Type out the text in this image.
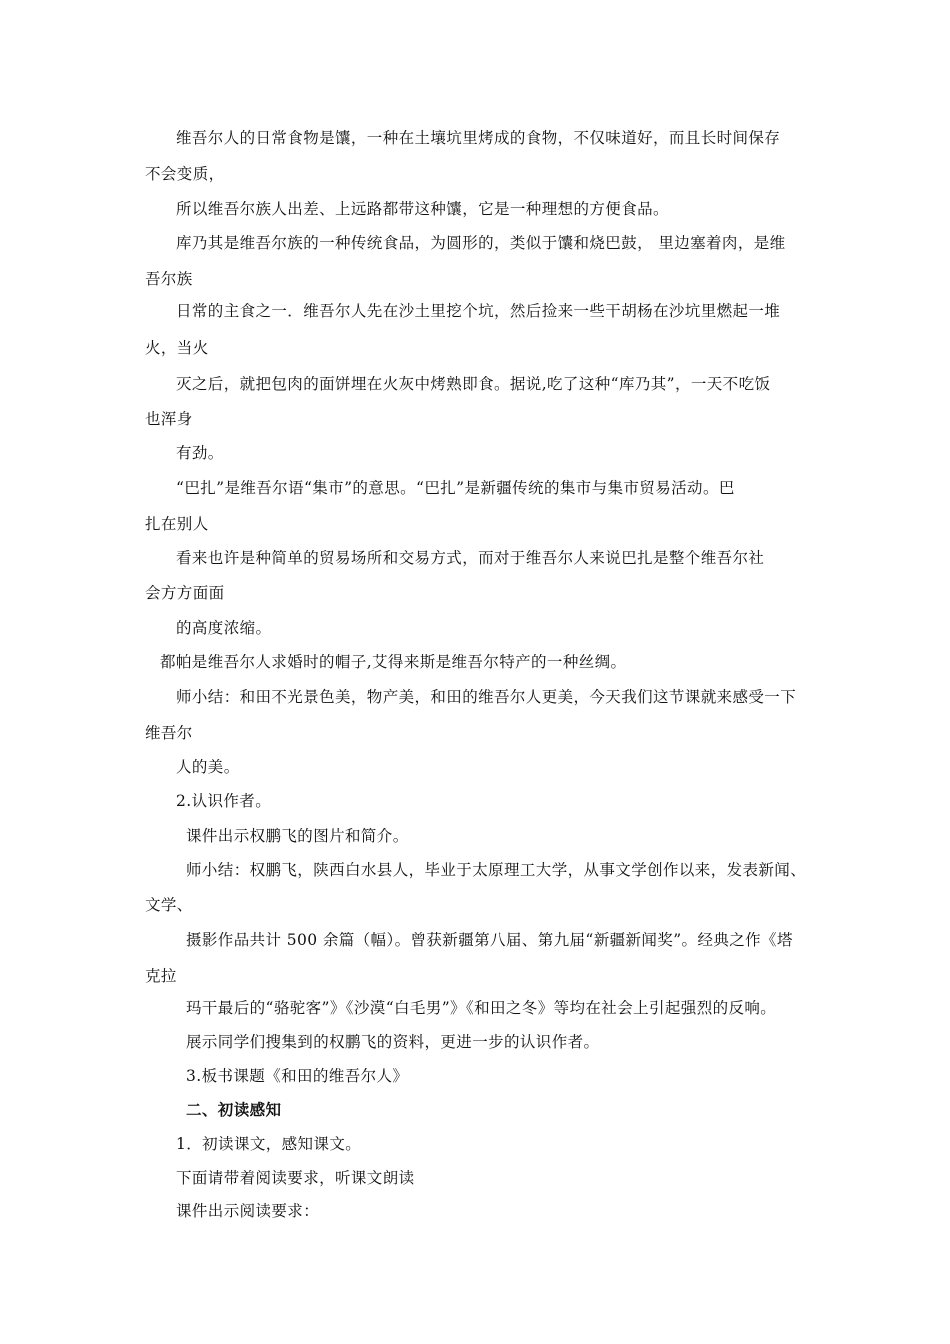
维吾尔人的日常食物是馕，一种在土壤坑里烤成的食物，不仅味道好，而且长时间保存
不会变质，
所以维吾尔族人出差、上远路都带这种馕，它是一种理想的方便食品。
库乃其是维吾尔族的一种传统食品，为圆形的，类似于馕和烧巴鼓， 里边塞着肉，是维
吾尔族
日常的主食之一．维吾尔人先在沙土里挖个坑，然后捡来一些干胡杨在沙坑里燃起一堆
火，当火
灭之后，就把包肉的面饼埋在火灰中烤熟即食。据说,吃了这种“库乃其”，一天不吃饭
也浑身
有劲。
“巴扎”是维吾尔语“集市”的意思。“巴扎”是新疆传统的集市与集市贸易活动。巴
扎在别人
看来也许是种简单的贸易场所和交易方式，而对于维吾尔人来说巴扎是整个维吾尔社
会方方面面
的高度浓缩。
都帕是维吾尔人求婚时的帽子,艾得来斯是维吾尔特产的一种丝绸。
师小结：和田不光景色美，物产美，和田的维吾尔人更美，今天我们这节课就来感受一下
维吾尔
人的美。
2.认识作者。
课件出示权鹏飞的图片和简介。
师小结：权鹏飞，陕西白水县人，毕业于太原理工大学，从事文学创作以来，发表新闻、
文学、
摄影作品共计 500 余篇（幅）。曾获新疆第八届、第九届“新疆新闻奖”。经典之作《塔
克拉
玛干最后的“骆驼客”》《沙漠“白毛男”》《和田之冬》等均在社会上引起强烈的反响。
展示同学们搜集到的权鹏飞的资料，更进一步的认识作者。
3.板书课题《和田的维吾尔人》
二、初读感知
1．初读课文，感知课文。
下面请带着阅读要求，听课文朗读
课件出示阅读要求：
